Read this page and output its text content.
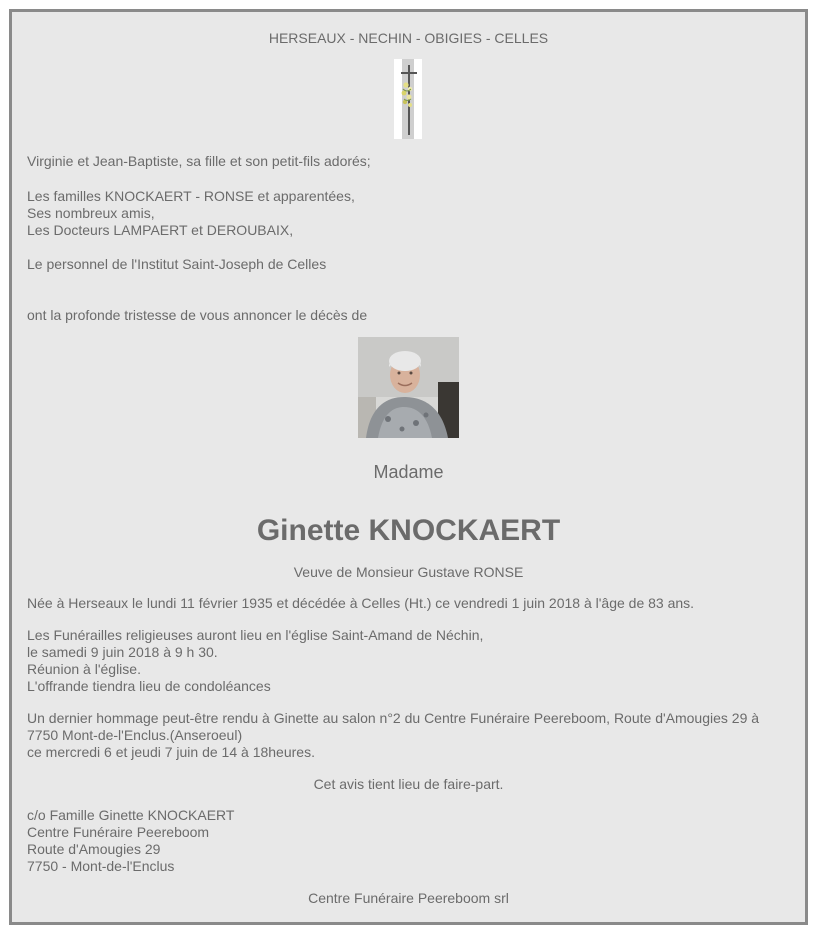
HERSEAUX - NECHIN - OBIGIES - CELLES
Virginie et Jean-Baptiste, sa fille et son petit-fils adorés;
Les familles KNOCKAERT - RONSE et apparentées,
Ses nombreux amis,
Les Docteurs LAMPAERT et DEROUBAIX,
Le personnel de l'Institut Saint-Joseph de Celles
ont la profonde tristesse de vous annoncer le décès de
Madame
Ginette KNOCKAERT
Veuve de Monsieur Gustave RONSE
Née à Herseaux le lundi 11 février 1935 et décédée à Celles (Ht.) ce vendredi 1 juin 2018 à l'âge de 83 ans.
Les Funérailles religieuses auront lieu en l'église Saint-Amand de Néchin,
le samedi 9 juin 2018 à 9 h 30.
Réunion à l'église.
L'offrande tiendra lieu de condoléances
Un dernier hommage peut-être rendu à Ginette au salon n°2 du Centre Funéraire Peereboom, Route d'Amougies 29 à
7750 Mont-de-l'Enclus.(Anseroeul)
ce mercredi 6 et jeudi 7 juin de 14 à 18heures.
Cet avis tient lieu de faire-part.
c/o Famille Ginette KNOCKAERT
Centre Funéraire Peereboom
Route d'Amougies 29
7750 - Mont-de-l'Enclus
Centre Funéraire Peereboom srl
